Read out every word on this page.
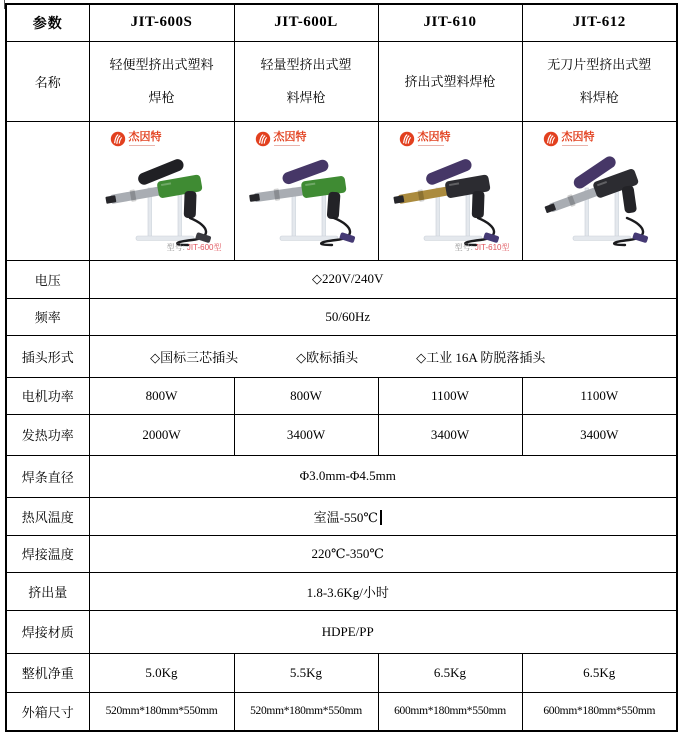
参数	JIT-600S	JIT-600L	JIT-610	JIT-612
名称	轻便型挤出式塑料焊枪	轻量型挤出式塑料焊枪	挤出式塑料焊枪	无刀片型挤出式塑料焊枪

杰因特
型号: JIT-600型

杰因特	杰因特
型号: JIT-610型

杰因特

电压	◇220V/240V			
频率	50/60Hz			
插头形式	◇国标三芯插头 ◇欧标插头 ◇工业 16A 防脱落插头			

电机功率	800W	800W	1100W	1100W
发热功率	2000W	3400W	3400W	3400W
焊条直径	Φ3.0mm-Φ4.5mm			
热风温度	室温-550℃			
焊接温度	220℃-350℃			
挤出量	1.8-3.6Kg/小时			
焊接材质	HDPE/PP			
整机净重	5.0Kg	5.5Kg	6.5Kg	6.5Kg
外箱尺寸	520mm*180mm*550mm	520mm*180mm*550mm	600mm*180mm*550mm	600mm*180mm*550mm
